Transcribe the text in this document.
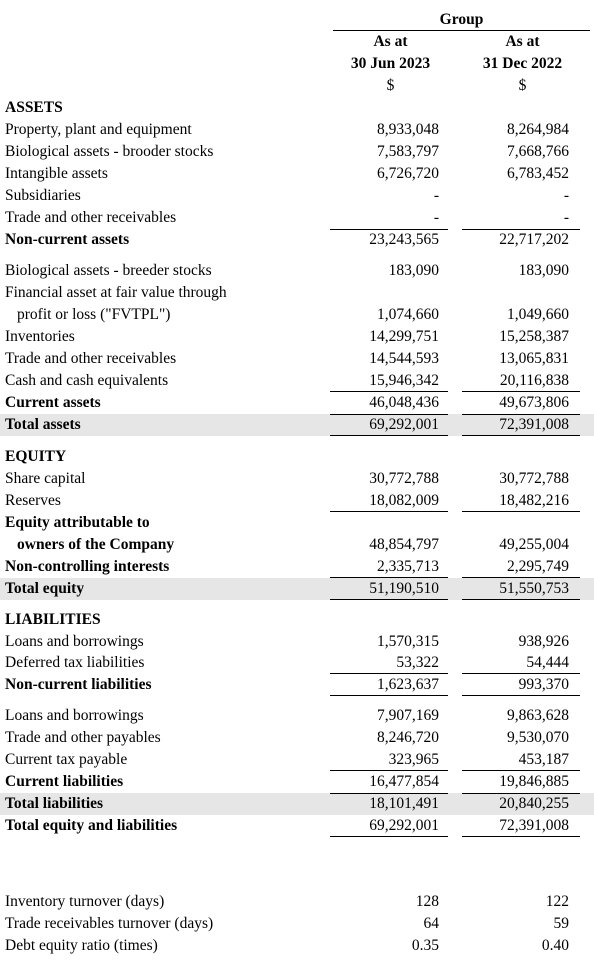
Group
As at	As at
30 Jun 2023	31 Dec 2022
$	$
ASSETS
Property, plant and equipment	8,933,048	8,264,984
Biological assets - brooder stocks	7,583,797	7,668,766
Intangible assets	6,726,720	6,783,452
Subsidiaries	-	-
Trade and other receivables	-	-
Non-current assets	23,243,565	22,717,202
Biological assets - breeder stocks	183,090	183,090
Financial asset at fair value through
profit or loss ("FVTPL")	1,074,660	1,049,660
Inventories	14,299,751	15,258,387
Trade and other receivables	14,544,593	13,065,831
Cash and cash equivalents	15,946,342	20,116,838
Current assets	46,048,436	49,673,806
Total assets	69,292,001	72,391,008
EQUITY
Share capital	30,772,788	30,772,788
Reserves	18,082,009	18,482,216
Equity attributable to
owners of the Company	48,854,797	49,255,004
Non-controlling interests	2,335,713	2,295,749
Total equity	51,190,510	51,550,753
LIABILITIES
Loans and borrowings	1,570,315	938,926
Deferred tax liabilities	53,322	54,444
Non-current liabilities	1,623,637	993,370
Loans and borrowings	7,907,169	9,863,628
Trade and other payables	8,246,720	9,530,070
Current tax payable	323,965	453,187
Current liabilities	16,477,854	19,846,885
Total liabilities	18,101,491	20,840,255
Total equity and liabilities	69,292,001	72,391,008
Inventory turnover (days)	128	122
Trade receivables turnover (days)	64	59
Debt equity ratio (times)	0.35	0.40
